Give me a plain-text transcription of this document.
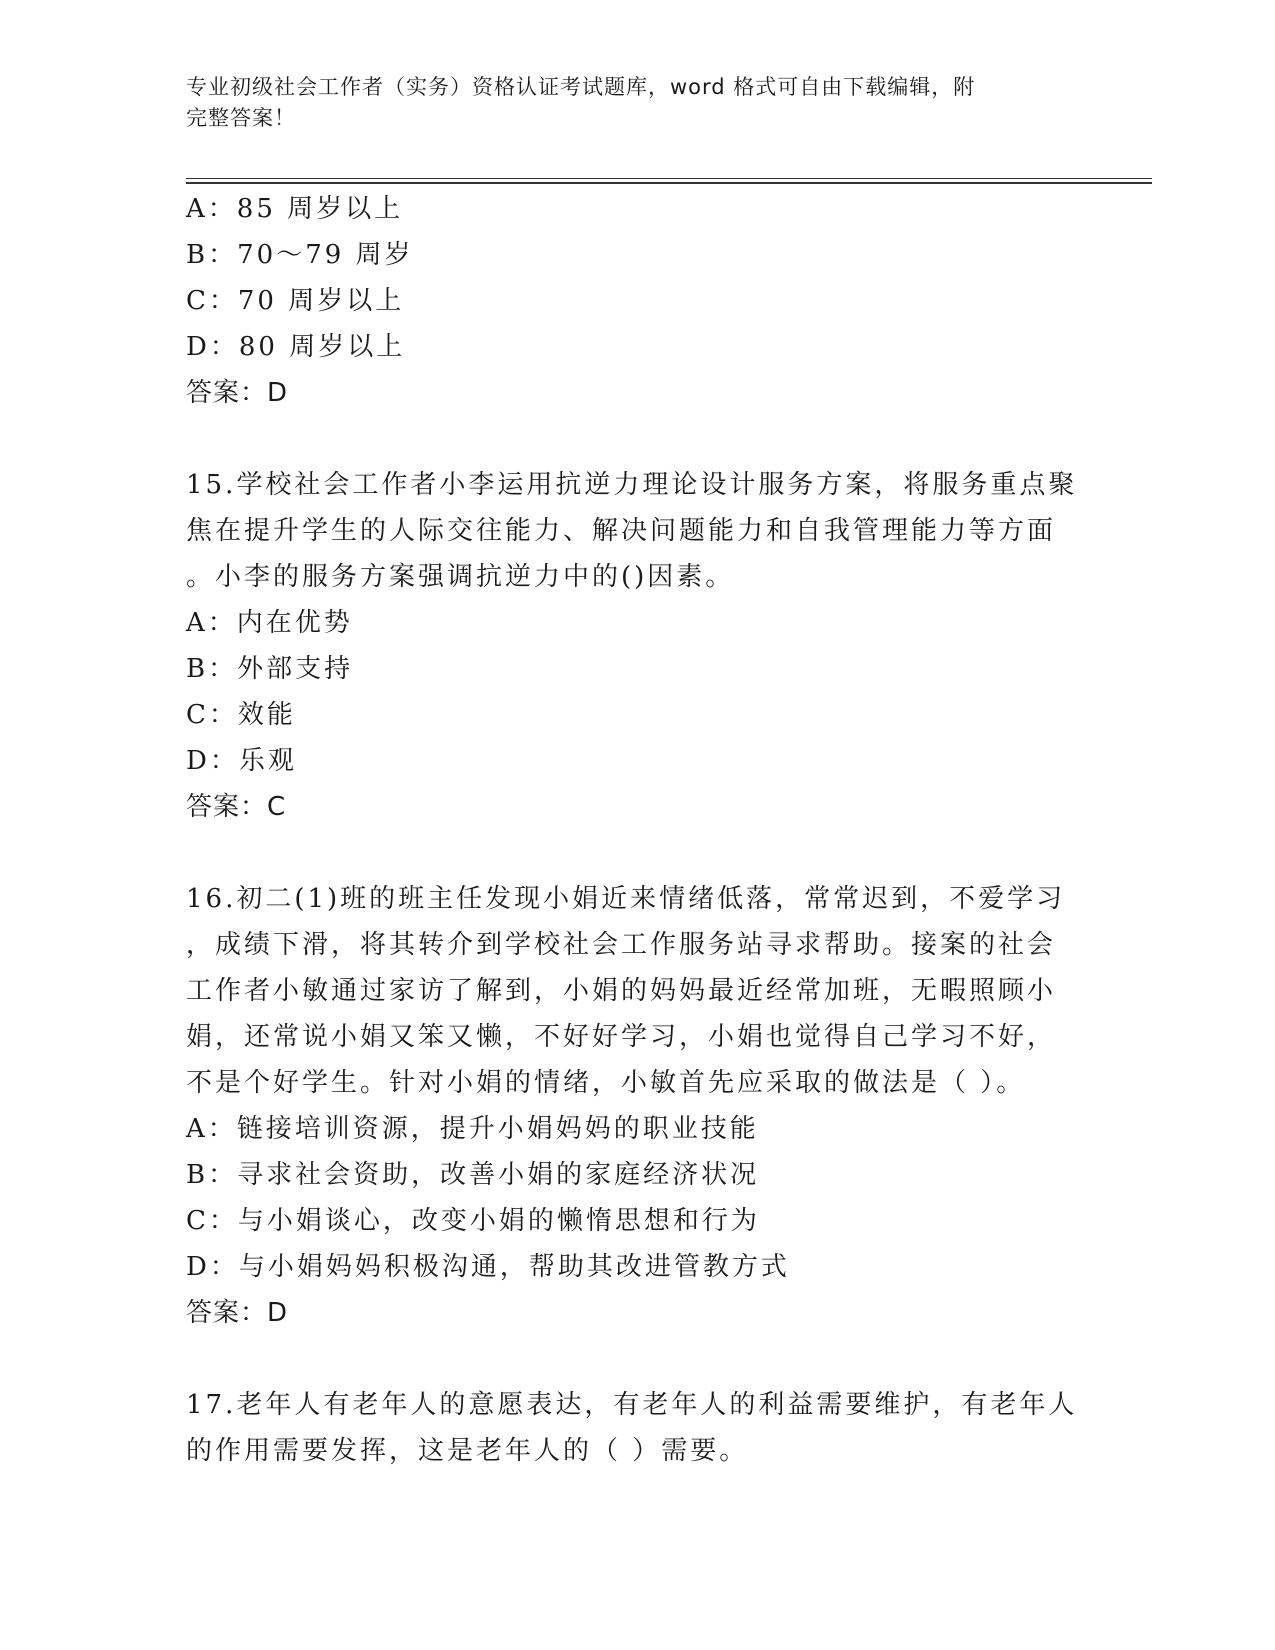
专业初级社会工作者（实务）资格认证考试题库，word 格式可自由下载编辑，附
完整答案！
A：85 周岁以上
B：70～79 周岁
C：70 周岁以上
D：80 周岁以上
答案：D
15.学校社会工作者小李运用抗逆力理论设计服务方案，将服务重点聚
焦在提升学生的人际交往能力、解决问题能力和自我管理能力等方面
。小李的服务方案强调抗逆力中的()因素。
A：内在优势
B：外部支持
C：效能
D：乐观
答案：C
16.初二(1)班的班主任发现小娟近来情绪低落，常常迟到，不爱学习
，成绩下滑，将其转介到学校社会工作服务站寻求帮助。接案的社会
工作者小敏通过家访了解到，小娟的妈妈最近经常加班，无暇照顾小
娟，还常说小娟又笨又懒，不好好学习，小娟也觉得自己学习不好，
不是个好学生。针对小娟的情绪，小敏首先应采取的做法是（ ）。
A：链接培训资源，提升小娟妈妈的职业技能
B：寻求社会资助，改善小娟的家庭经济状况
C：与小娟谈心，改变小娟的懒惰思想和行为
D：与小娟妈妈积极沟通，帮助其改进管教方式
答案：D
17.老年人有老年人的意愿表达，有老年人的利益需要维护，有老年人
的作用需要发挥，这是老年人的（ ）需要。
